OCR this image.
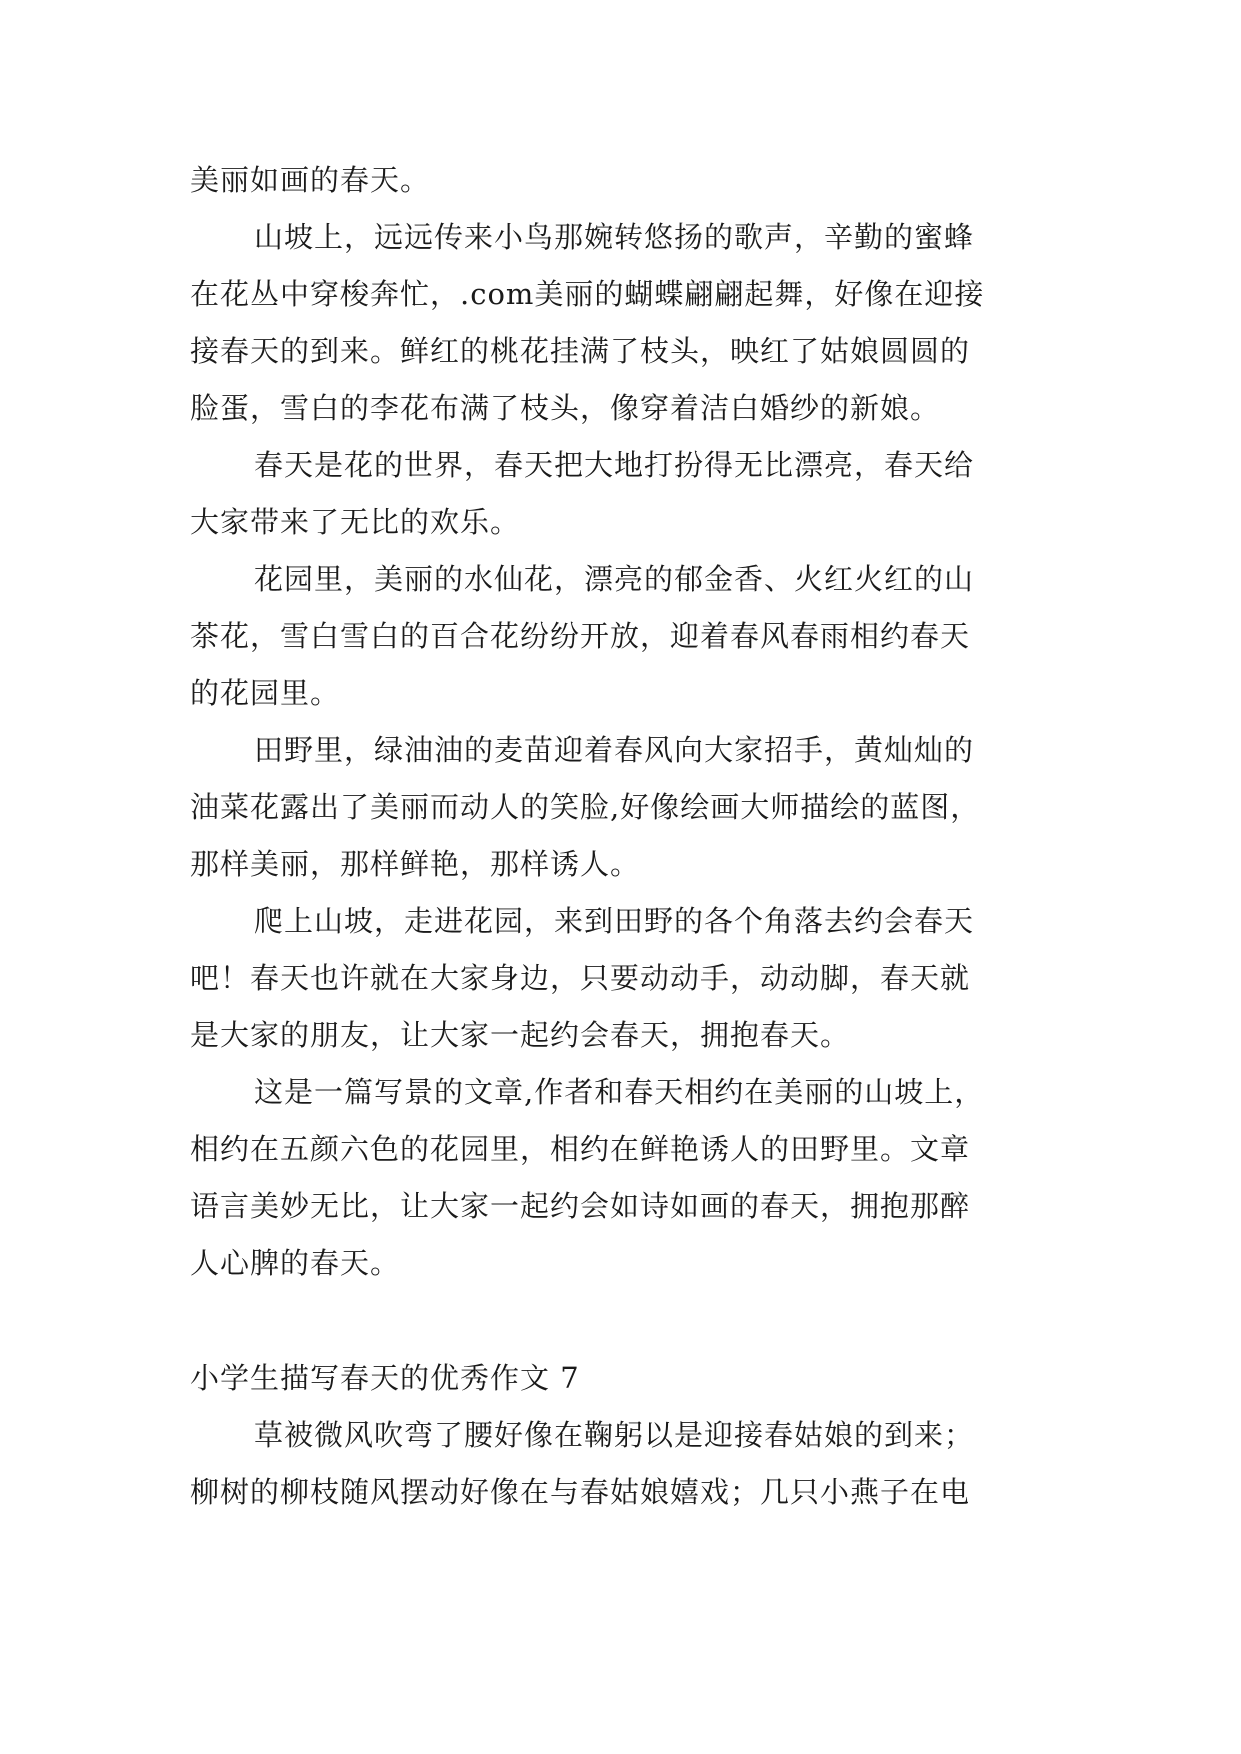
美丽如画的春天。
山坡上，远远传来小鸟那婉转悠扬的歌声，辛勤的蜜蜂
在花丛中穿梭奔忙，.com美丽的蝴蝶翩翩起舞，好像在迎接
接春天的到来。鲜红的桃花挂满了枝头，映红了姑娘圆圆的
脸蛋，雪白的李花布满了枝头，像穿着洁白婚纱的新娘。
春天是花的世界，春天把大地打扮得无比漂亮，春天给
大家带来了无比的欢乐。
花园里，美丽的水仙花，漂亮的郁金香、火红火红的山
茶花，雪白雪白的百合花纷纷开放，迎着春风春雨相约春天
的花园里。
田野里，绿油油的麦苗迎着春风向大家招手，黄灿灿的
油菜花露出了美丽而动人的笑脸,好像绘画大师描绘的蓝图，
那样美丽，那样鲜艳，那样诱人。
爬上山坡，走进花园，来到田野的各个角落去约会春天
吧！春天也许就在大家身边，只要动动手，动动脚，春天就
是大家的朋友，让大家一起约会春天，拥抱春天。
这是一篇写景的文章,作者和春天相约在美丽的山坡上，
相约在五颜六色的花园里，相约在鲜艳诱人的田野里。文章
语言美妙无比，让大家一起约会如诗如画的春天，拥抱那醉
人心脾的春天。
小学生描写春天的优秀作文 7
草被微风吹弯了腰好像在鞠躬以是迎接春姑娘的到来；
柳树的柳枝随风摆动好像在与春姑娘嬉戏；几只小燕子在电
